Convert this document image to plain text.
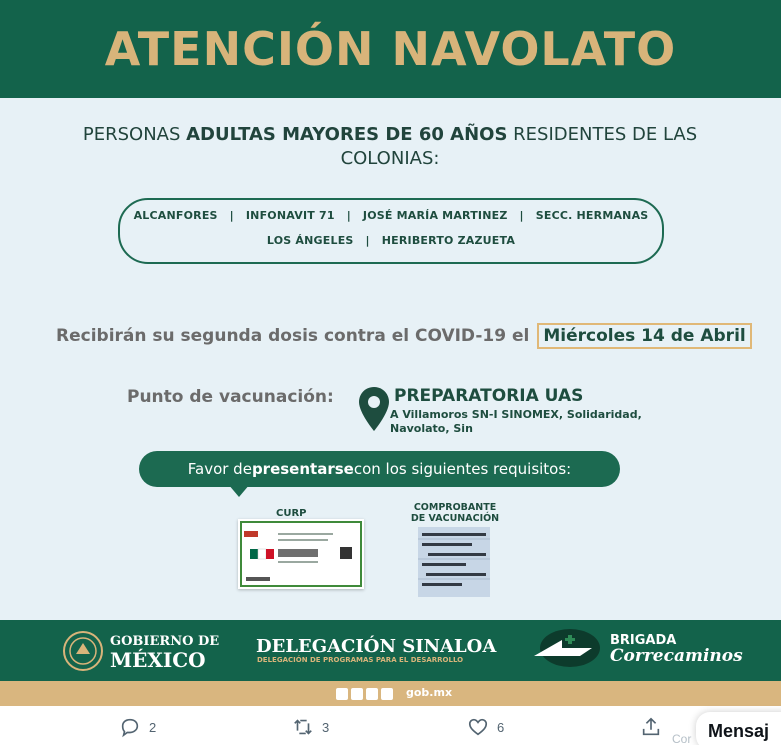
ATENCIÓN NAVOLATO
PERSONAS ADULTAS MAYORES DE 60 AÑOS RESIDENTES DE LAS COLONIAS:
ALCANFORES | INFONAVIT 71 | JOSÉ MARÍA MARTINEZ | SECC. HERMANAS
LOS ÁNGELES | HERIBERTO ZAZUETA
Recibirán su segunda dosis contra el COVID-19 el Miércoles 14 de Abril
Punto de vacunación:	PREPARATORIA UAS
A Villamoros SN-I SINOMEX, Solidaridad, Navolato, Sin
Favor de presentarse con los siguientes requisitos:
CURP
COMPROBANTE DE VACUNACIÓN
GOBIERNO DE
MÉXICO
DELEGACIÓN SINALOA
DELEGACIÓN DE PROGRAMAS PARA EL DESARROLLO
BRIGADA
Correcaminos
gob.mx
2	3	6
Cor Mensaj
